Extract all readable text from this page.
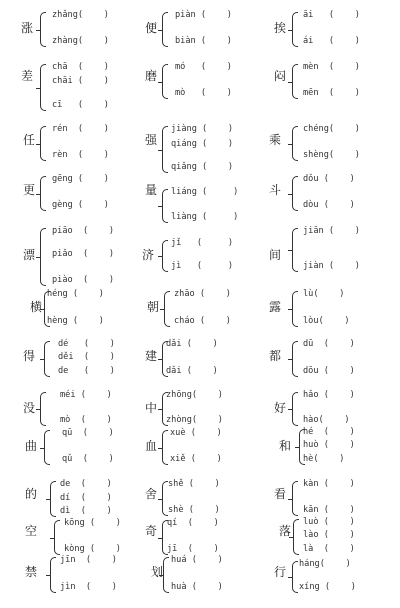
涨
zhǎng(    )
zhàng(    )
便
piàn (    )
biàn (    )
挨
āi   (    )
ái   (    )
差
chā  (    )
chāi (    )
cī   (    )
磨
mó   (    )
mò   (    )
闷
mèn  (    )
mēn  (    )
任
rén  (    )
rèn  (    )
强
jiàng (    )
qiáng (    )
qiǎng (    )
乘
chéng(    )
shèng(    )
更
gēng (    )
gèng (    )
量 liáng (     )
liàng (     )
斗
dǒu (    )
dòu (    )
漂
piāo  (    )
piǎo  (    )
piào  (    )
济
jǐ   (     )
jì   (     )
间
jiān (    )
jiàn (    )
横
héng (    )
hèng (    )
朝
zhāo (    )
cháo (    )
露
lù(    )
lòu(    )
得
dé   (    )
děi  (    )
de   (    )
建
dǎi (    )
dǎi (    )
都
dū  (    )
dōu (    )
没
méi (    )
mò  (    )
中
zhōng(    )
zhòng(    )
好
hǎo (    )
hào(    )
曲
qū  (    )
qǔ  (    )
血
xuè (    )
xiě (    )
和
hé  (    )
huò (    )
hè(    )
的
de  (    )
dí  (    )
dì  (    )
舍
shě (    )
shè (    )
看
kàn (    )
kān (    )
空
kōng (    )
kòng (    )
奇
qí  (    )
jī  (    )
落
luò (    )
lào (    )
là  (    )
禁
jīn  (    )
jìn  (    )
划
huá (    )
huà (    )
行
háng(    )
xíng (    )
